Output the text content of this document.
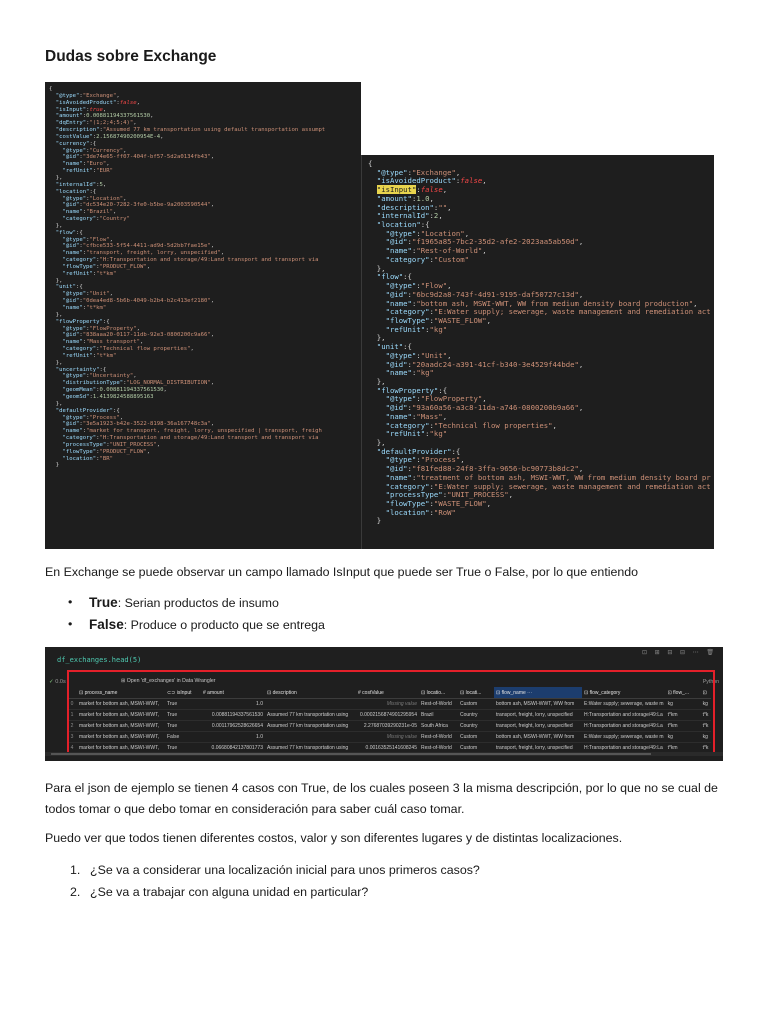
Dudas sobre Exchange
{
"@type":"Exchange",
"isAvoidedProduct":false,
"isInput":true,
"amount":0.00881194337561530,
"dqEntry":"(1;2;4;5;4)",
"description":"Assumed 77 km transportation using default transportation assumpt
"costValue":2.15687490200954E-4,
"currency":{
"@type":"Currency",
"@id":"3de74e65-ff07-404f-bf57-5d2a0134fb43",
"name":"Euro",
"refUnit":"EUR"
},
"internalId":5,
"location":{
"@type":"Location",
"@id":"dc534e20-7282-3fe0-b5be-9a2003590544",
"name":"Brazil",
"category":"Country"
},
"flow":{
"@type":"Flow",
"@id":"cfbce533-5f54-4411-ad9d-5d2bb7fae15e",
"name":"transport, freight, lorry, unspecified",
"category":"H:Transportation and storage/49:Land transport and transport via
"flowType":"PRODUCT_FLOW",
"refUnit":"t*km"
},
"unit":{
"@type":"Unit",
"@id":"0dea4ed8-5b6b-4049-b2b4-b2c413ef2180",
"name":"t*km"
},
"flowProperty":{
"@type":"FlowProperty",
"@id":"838aaa20-0117-11db-92e3-0800200c9a66",
"name":"Mass transport",
"category":"Technical flow properties",
"refUnit":"t*km"
},
"uncertainty":{
"@type":"Uncertainty",
"distributionType":"LOG_NORMAL_DISTRIBUTION",
"geomMean":0.00881194337561530,
"geomSd":1.4139824588895163
},
"defaultProvider":{
"@type":"Process",
"@id":"3e5a1923-b42e-3522-8198-36a167748c3a",
"name":"market for transport, freight, lorry, unspecified | transport, freigh
"category":"H:Transportation and storage/49:Land transport and transport via
"processType":"UNIT_PROCESS",
"flowType":"PRODUCT_FLOW",
"location":"BR"
}
{
"@type":"Exchange",
"isAvoidedProduct":false,
"isInput":false,
"amount":1.0,
"description":"",
"internalId":2,
"location":{
"@type":"Location",
"@id":"f1965a85-7bc2-35d2-afe2-2023aa5ab50d",
"name":"Rest-of-World",
"category":"Custom"
},
"flow":{
"@type":"Flow",
"@id":"6bc9d2a8-743f-4d91-9195-daf50727c13d",
"name":"bottom ash, MSWI-WWT, WW from medium density board production",
"category":"E:Water supply; sewerage, waste management and remediation act
"flowType":"WASTE_FLOW",
"refUnit":"kg"
},
"unit":{
"@type":"Unit",
"@id":"20aadc24-a391-41cf-b340-3e4529f44bde",
"name":"kg"
},
"flowProperty":{
"@type":"FlowProperty",
"@id":"93a60a56-a3c8-11da-a746-0800200b9a66",
"name":"Mass",
"category":"Technical flow properties",
"refUnit":"kg"
},
"defaultProvider":{
"@type":"Process",
"@id":"f81fed88-24f8-3ffa-9656-bc90773b8dc2",
"name":"treatment of bottom ash, MSWI-WWT, WW from medium density board pr
"category":"E:Water supply; sewerage, waste management and remediation act
"processType":"UNIT_PROCESS",
"flowType":"WASTE_FLOW",
"location":"RoW"
}

En Exchange se puede observar un campo llamado IsInput que puede ser True o False, por lo que entiendo

• True: Serian productos de insumo
• False: Produce o producto que se entrega
df_exchanges.head(5)
⊡ ⊞ ⊟ ⊟ ⋯ 🗑
✓ 0.0s	⊞ Open 'df_exchanges' in Data Wrangler	Python
	⊡ process_name	⊂⊃ isInput	# amount	⊡ description	# costValue	⊡ locatio...	⊡ locati...	⊡ flow_name ⋯	⊡ flow_category	⊡ flow_...	⊡
0	market for bottom ash, MSWI-WWT,	True	1.0		Missing value	Rest-of-World	Custom	bottom ash, MSWI-WWT, WW from	E:Water supply; sewerage, waste m	kg	kg
1	market for bottom ash, MSWI-WWT,	True	0.00881194337561530	Assumed 77 km transportation using	0.0002156874901295954	Brazil	Country	transport, freight, lorry, unspecified	H:Transportation and storage/49:La	t*km	t*k
2	market for bottom ash, MSWI-WWT,	True	0.00117962528626654	Assumed 77 km transportation using	2.27687039290231e-05	South Africa	Country	transport, freight, lorry, unspecified	H:Transportation and storage/49:La	t*km	t*k
3	market for bottom ash, MSWI-WWT,	False	1.0		Missing value	Rest-of-World	Custom	bottom ash, MSWI-WWT, WW from	E:Water supply; sewerage, waste m	kg	kg
4	market for bottom ash, MSWI-WWT,	True	0.06680842137801773	Assumed 77 km transportation using	0.00163525141608245	Rest-of-World	Custom	transport, freight, lorry, unspecified	H:Transportation and storage/49:La	t*km	t*k

Para el json de ejemplo se tienen 4 casos con True, de los cuales poseen 3 la misma descripción, por lo que no se cual de todos tomar o que debo tomar en consideración para saber cuál caso tomar.

Puedo ver que todos tienen diferentes costos, valor y son diferentes lugares y de distintas localizaciones.

1. ¿Se va a considerar una localización inicial para unos primeros casos?
2. ¿Se va a trabajar con alguna unidad en particular?
